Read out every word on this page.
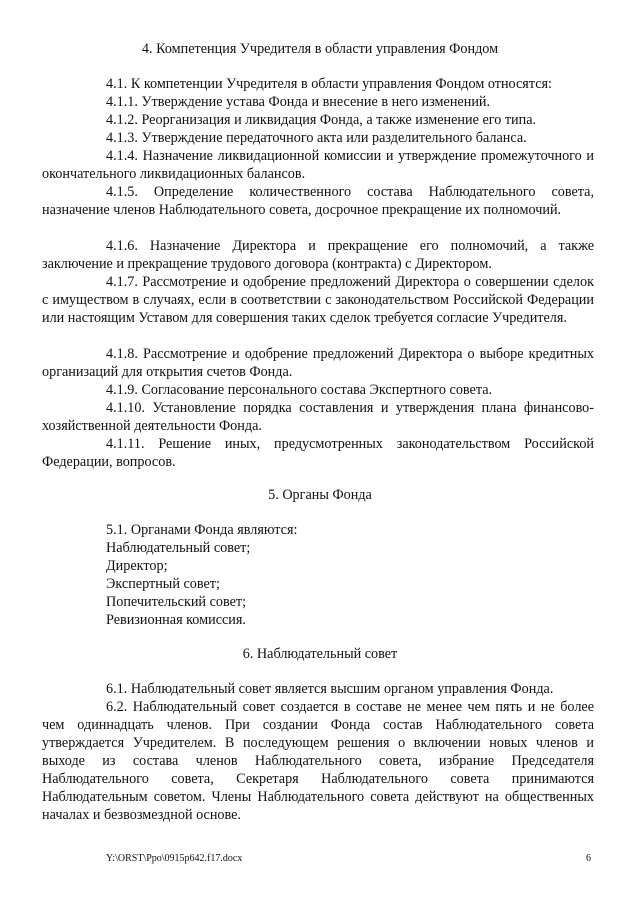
4. Компетенция Учредителя в области управления Фондом
4.1. К компетенции Учредителя в области управления Фондом относятся:
4.1.1. Утверждение устава Фонда и внесение в него изменений.
4.1.2. Реорганизация и ликвидация Фонда, а также изменение его типа.
4.1.3. Утверждение передаточного акта или разделительного баланса.
4.1.4. Назначение ликвидационной комиссии и утверждение промежуточного и окончательного ликвидационных балансов.
4.1.5. Определение количественного состава Наблюдательного совета, назначение членов Наблюдательного совета, досрочное прекращение их полномочий.
4.1.6. Назначение Директора и прекращение его полномочий, а также заключение и прекращение трудового договора (контракта) с Директором.
4.1.7. Рассмотрение и одобрение предложений Директора о совершении сделок с имуществом в случаях, если в соответствии с законодательством Российской Федерации или настоящим Уставом для совершения таких сделок требуется согласие Учредителя.
4.1.8. Рассмотрение и одобрение предложений Директора о выборе кредитных организаций для открытия счетов Фонда.
4.1.9. Согласование персонального состава Экспертного совета.
4.1.10. Установление порядка составления и утверждения плана финансово-хозяйственной деятельности Фонда.
4.1.11. Решение иных, предусмотренных законодательством Российской Федерации, вопросов.
5. Органы Фонда
5.1. Органами Фонда являются:
Наблюдательный совет;
Директор;
Экспертный совет;
Попечительский совет;
Ревизионная комиссия.
6. Наблюдательный совет
6.1. Наблюдательный совет является высшим органом управления Фонда.
6.2. Наблюдательный совет создается в составе не менее чем пять и не более чем одиннадцать членов. При создании Фонда состав Наблюдательного совета утверждается Учредителем. В последующем решения о включении новых членов и выходе из состава членов Наблюдательного совета, избрание Председателя Наблюдательного совета, Секретаря Наблюдательного совета принимаются Наблюдательным советом. Члены Наблюдательного совета действуют на общественных началах и безвозмездной основе.
Y:\ORST\Ppo\0915p642.f17.docx	6
